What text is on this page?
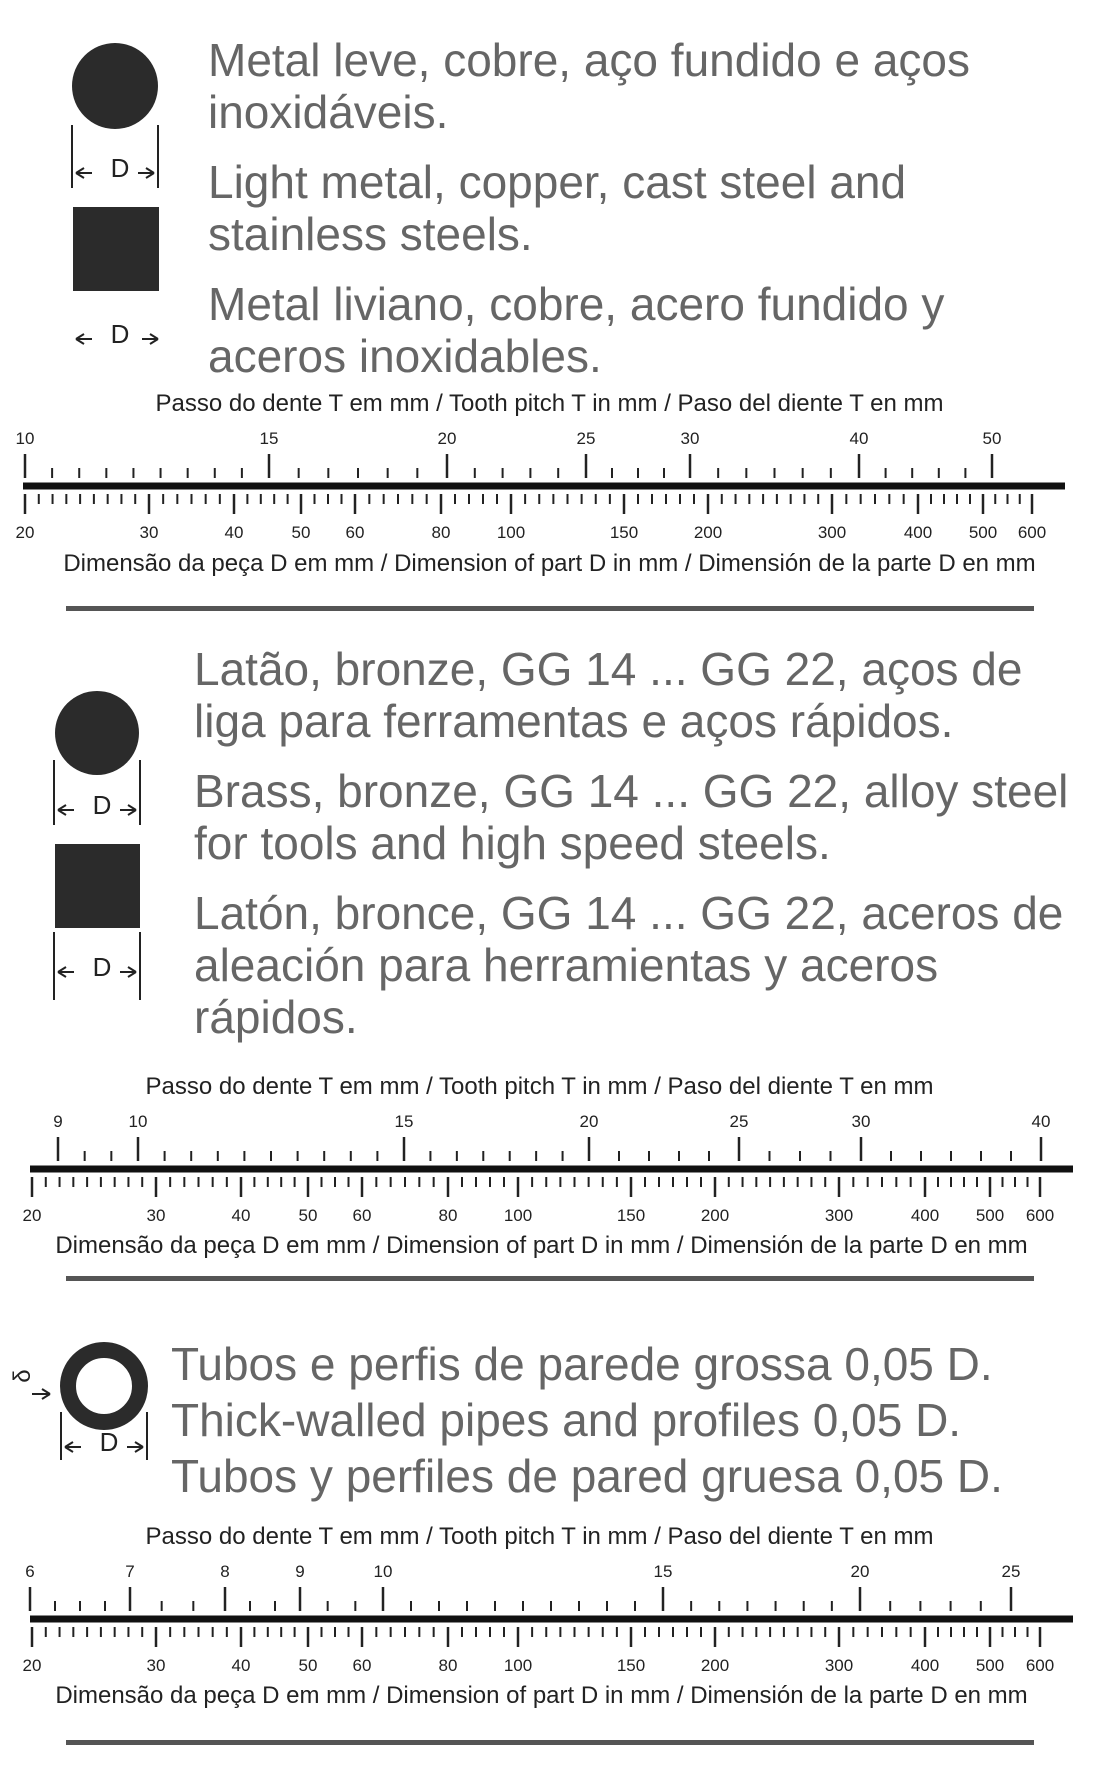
D
D

Metal leve, cobre, aço fundido e aços inoxidáveis.

Light metal, copper, cast steel and stainless steels.

Metal liviano, cobre, acero fundido y aceros inoxidables.

Passo do dente T em mm / Tooth pitch T in mm / Paso del diente T en mm
10	15	20	25	30	40	50
20	30	40	50 60	80	100	150	200	300	400 500 600
Dimensão da peça D em mm / Dimension of part D in mm / Dimensión de la parte D en mm
D
D

Latão, bronze, GG 14 ... GG 22, aços de liga para ferramentas e aços rápidos.

Brass, bronze, GG 14 ... GG 22, alloy steel for tools and high speed steels.

Latón, bronce, GG 14 ... GG 22, aceros de aleación para herramientas y aceros rápidos.

Passo do dente T em mm / Tooth pitch T in mm / Paso del diente T en mm
9	10	15	20	25	30	40
20	30	40	50 60	80	100	150	200	300	400 500 600
Dimensão da peça D em mm / Dimension of part D in mm / Dimensión de la parte D en mm
δ
D

Tubos e perfis de parede grossa 0,05 D.

Thick-walled pipes and profiles 0,05 D.

Tubos y perfiles de pared gruesa 0,05 D.

Passo do dente T em mm / Tooth pitch T in mm / Paso del diente T en mm
6	7	8	9	10	15	20	25
20	30	40	50 60	80	100	150	200	300	400 500 600
Dimensão da peça D em mm / Dimension of part D in mm / Dimensión de la parte D en mm
